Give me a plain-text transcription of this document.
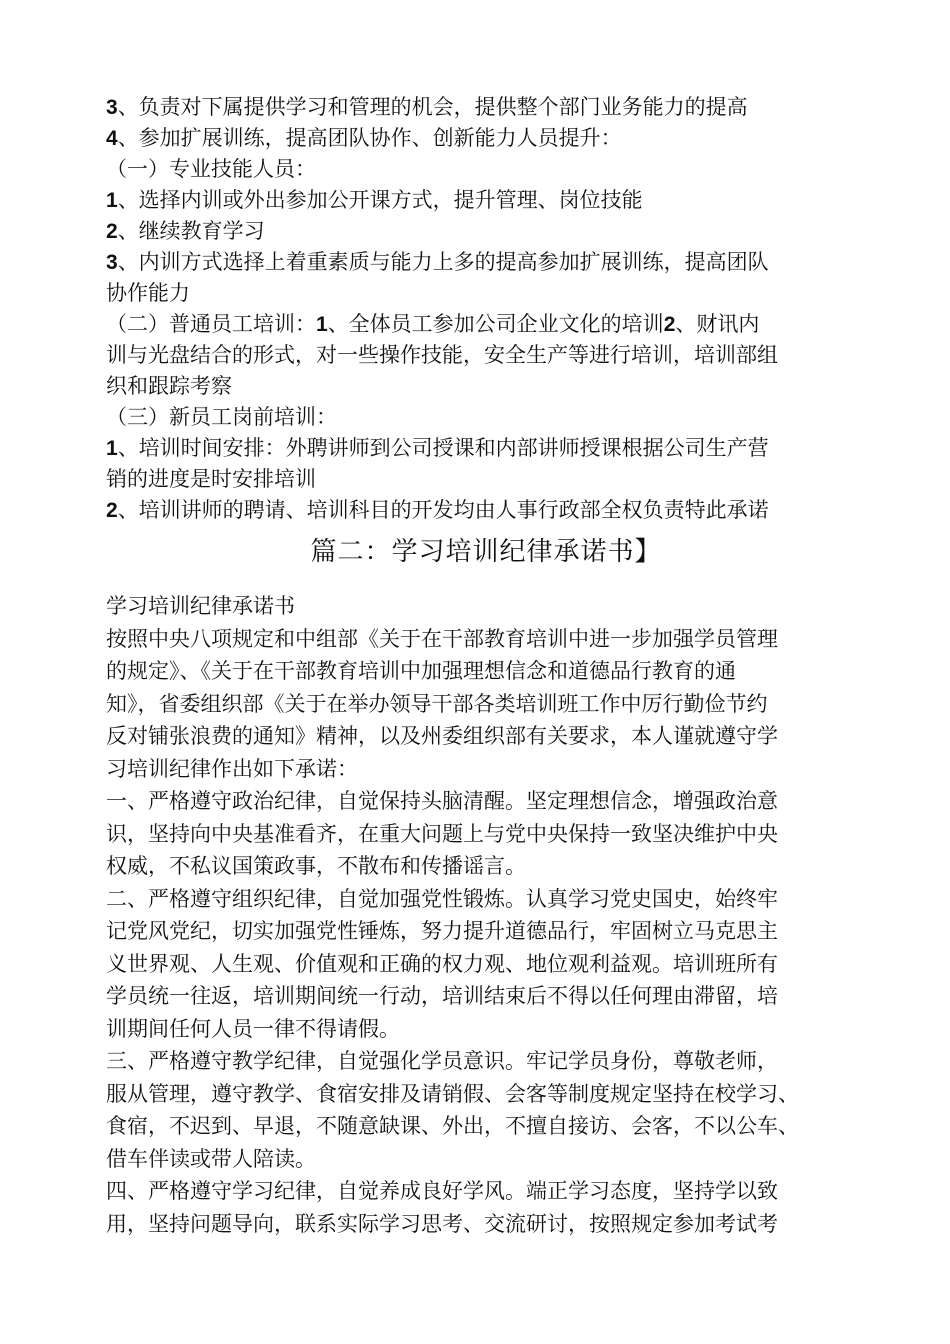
3、负责对下属提供学习和管理的机会，提供整个部门业务能力的提高
4、参加扩展训练，提高团队协作、创新能力人员提升：
（一）专业技能人员：
1、选择内训或外出参加公开课方式，提升管理、岗位技能
2、继续教育学习
3、内训方式选择上着重素质与能力上多的提高参加扩展训练，提高团队
协作能力
（二）普通员工培训：1、全体员工参加公司企业文化的培训2、财讯内
训与光盘结合的形式，对一些操作技能，安全生产等进行培训，培训部组
织和跟踪考察
（三）新员工岗前培训：
1、培训时间安排：外聘讲师到公司授课和内部讲师授课根据公司生产营
销的进度是时安排培训
2、培训讲师的聘请、培训科目的开发均由人事行政部全权负责特此承诺
篇二：学习培训纪律承诺书】
学习培训纪律承诺书
按照中央八项规定和中组部《关于在干部教育培训中进一步加强学员管理
的规定》、《关于在干部教育培训中加强理想信念和道德品行教育的通
知》，省委组织部《关于在举办领导干部各类培训班工作中厉行勤俭节约
反对铺张浪费的通知》精神，以及州委组织部有关要求，本人谨就遵守学
习培训纪律作出如下承诺：
一、严格遵守政治纪律，自觉保持头脑清醒。坚定理想信念，增强政治意
识，坚持向中央基准看齐，在重大问题上与党中央保持一致坚决维护中央
权威，不私议国策政事，不散布和传播谣言。
二、严格遵守组织纪律，自觉加强党性锻炼。认真学习党史国史，始终牢
记党风党纪，切实加强党性锤炼，努力提升道德品行，牢固树立马克思主
义世界观、人生观、价值观和正确的权力观、地位观利益观。培训班所有
学员统一往返，培训期间统一行动，培训结束后不得以任何理由滞留，培
训期间任何人员一律不得请假。
三、严格遵守教学纪律，自觉强化学员意识。牢记学员身份，尊敬老师，
服从管理，遵守教学、食宿安排及请销假、会客等制度规定坚持在校学习、
食宿，不迟到、早退，不随意缺课、外出，不擅自接访、会客，不以公车、
借车伴读或带人陪读。
四、严格遵守学习纪律，自觉养成良好学风。端正学习态度，坚持学以致
用，坚持问题导向，联系实际学习思考、交流研讨，按照规定参加考试考
